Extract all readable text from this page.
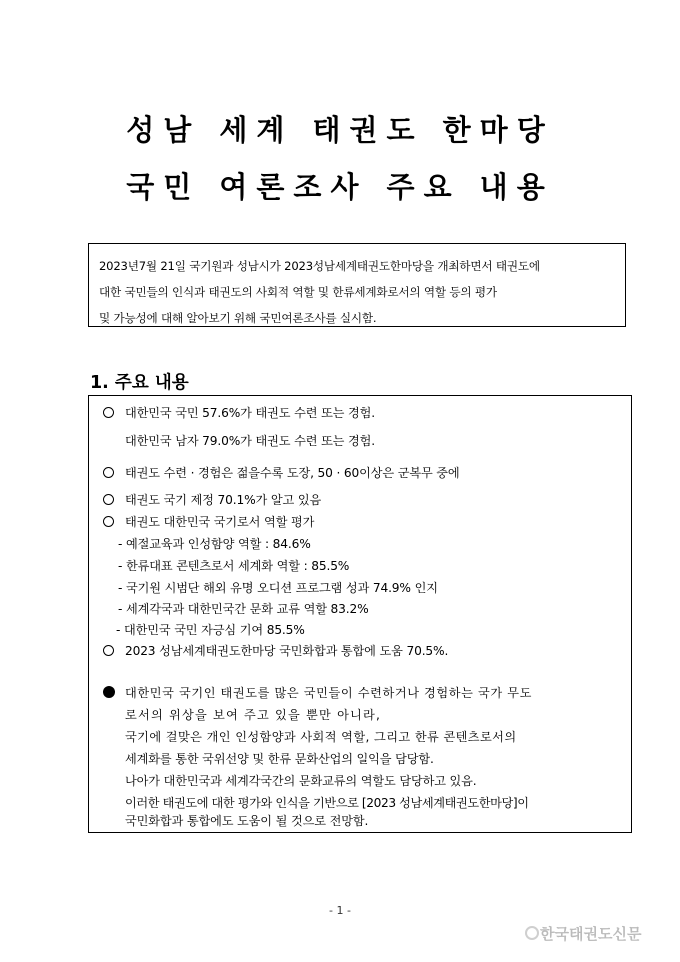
성남 세계 태권도 한마당
국민 여론조사 주요 내용
2023년7월 21일 국기원과 성남시가 2023성남세계태권도한마당을 개최하면서 태권도에
대한 국민들의 인식과 태권도의 사회적 역할 및 한류세계화로서의 역할 등의 평가
및 가능성에 대해 알아보기 위해 국민여론조사를 실시함.
1. 주요 내용
대한민국 국민 57.6%가 태권도 수련 또는 경험.
대한민국 남자 79.0%가 태권도 수련 또는 경험.
태권도 수련 · 경험은 젊을수록 도장, 50 · 60이상은 군복무 중에
태권도 국기 제정 70.1%가 알고 있음
태권도 대한민국 국기로서 역할 평가
- 예절교육과 인성함양 역할 : 84.6%
- 한류대표 콘텐츠로서 세계화 역할 : 85.5%
- 국기원 시범단 해외 유명 오디션 프로그램 성과 74.9% 인지
- 세계각국과 대한민국간 문화 교류 역할 83.2%
- 대한민국 국민 자긍심 기여 85.5%
2023 성남세계태권도한마당 국민화합과 통합에 도움 70.5%.
대한민국 국기인 태권도를 많은 국민들이 수련하거나 경험하는 국가 무도
로서의 위상을 보여 주고 있을 뿐만 아니라,
국기에 걸맞은 개인 인성함양과 사회적 역할, 그리고 한류 콘텐츠로서의
세계화를 통한 국위선양 및 한류 문화산업의 일익을 담당함.
나아가 대한민국과 세계각국간의 문화교류의 역할도 담당하고 있음.
이러한 태권도에 대한 평가와 인식을 기반으로 [2023 성남세계태권도한마당]이
국민화합과 통합에도 도움이 될 것으로 전망함.
- 1 -
한국태권도신문
